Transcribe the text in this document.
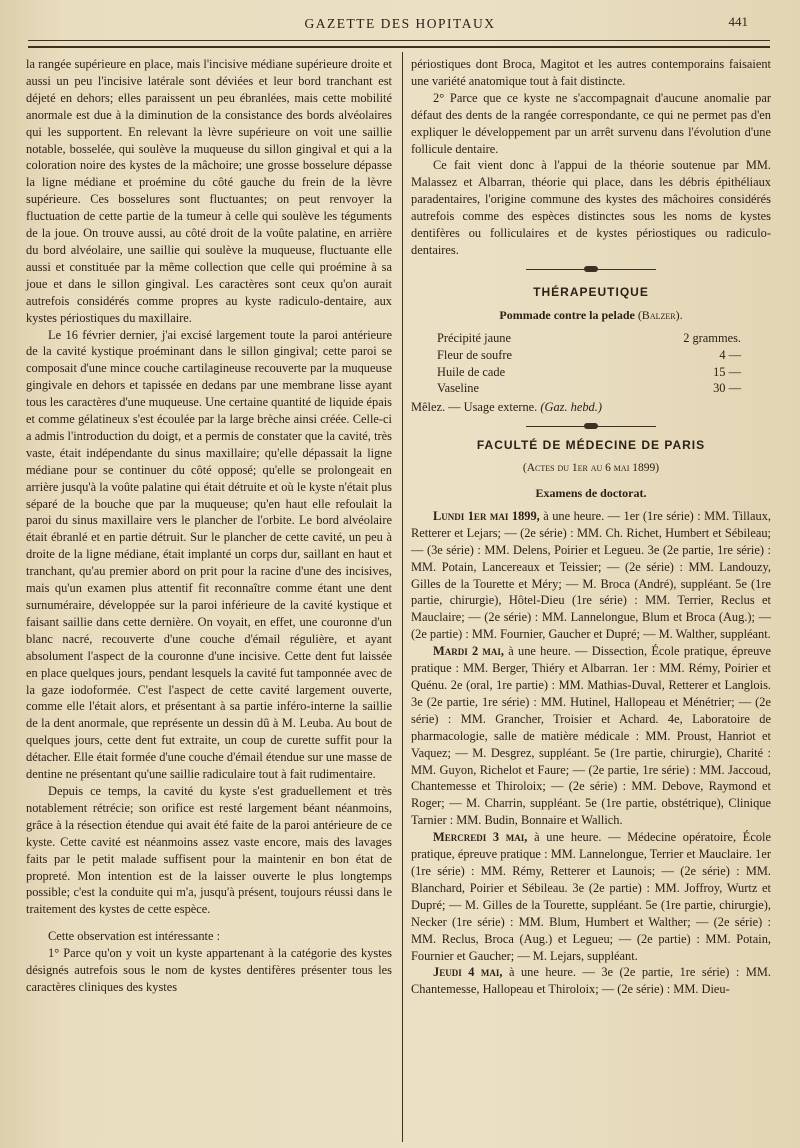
GAZETTE DES HOPITAUX	441

la rangée supérieure en place, mais l'incisive médiane supérieure droite et aussi un peu l'incisive latérale sont déviées et leur bord tranchant est déjeté en dehors; elles paraissent un peu ébranlées, mais cette mobilité anormale est due à la diminution de la consistance des bords alvéolaires qui les supportent. En relevant la lèvre supérieure on voit une saillie notable, bosselée, qui soulève la muqueuse du sillon gingival et qui a la coloration noire des kystes de la mâchoire; une grosse bosselure dépasse la ligne médiane et proémine du côté gauche du frein de la lèvre supérieure. Ces bosselures sont fluctuantes; on peut renvoyer la fluctuation de cette partie de la tumeur à celle qui soulève les téguments de la joue. On trouve aussi, au côté droit de la voûte palatine, en arrière du bord alvéolaire, une saillie qui soulève la muqueuse, fluctuante elle aussi et constituée par la même collection que celle qui proémine à sa joue et dans le sillon gingival. Les caractères sont ceux qu'on aurait autrefois considérés comme propres au kyste radiculo-dentaire, aux kystes périostiques du maxillaire.

Le 16 février dernier, j'ai excisé largement toute la paroi antérieure de la cavité kystique proéminant dans le sillon gingival; cette paroi se composait d'une mince couche cartilagineuse recouverte par la muqueuse gingivale en dehors et tapissée en dedans par une membrane lisse ayant tous les caractères d'une muqueuse. Une certaine quantité de liquide épais et comme gélatineux s'est écoulée par la large brèche ainsi créée. Celle-ci a admis l'introduction du doigt, et a permis de constater que la cavité, très vaste, était indépendante du sinus maxillaire; qu'elle dépassait la ligne médiane pour se continuer du côté opposé; qu'elle se prolongeait en arrière jusqu'à la voûte palatine qui était détruite et où le kyste n'était plus séparé de la bouche que par la muqueuse; qu'en haut elle refoulait la paroi du sinus maxillaire vers le plancher de l'orbite. Le bord alvéolaire était ébranlé et en partie détruit. Sur le plancher de cette cavité, un peu à droite de la ligne médiane, était implanté un corps dur, saillant en haut et tranchant, qu'au premier abord on prit pour la racine d'une des incisives, mais qu'un examen plus attentif fit reconnaître comme étant une dent surnuméraire, développée sur la paroi inférieure de la cavité kystique et faisant saillie dans cette dernière. On voyait, en effet, une couronne d'un blanc nacré, recouverte d'une couche d'émail régulière, et ayant absolument l'aspect de la couronne d'une incisive. Cette dent fut laissée en place quelques jours, pendant lesquels la cavité fut tamponnée avec de la gaze iodoformée. C'est l'aspect de cette cavité largement ouverte, comme elle l'était alors, et présentant à sa partie inféro-interne la saillie de la dent anormale, que représente un dessin dû à M. Leuba. Au bout de quelques jours, cette dent fut extraite, un coup de curette suffit pour la détacher. Elle était formée d'une couche d'émail étendue sur une masse de dentine ne présentant qu'une saillie radiculaire tout à fait rudimentaire.

Depuis ce temps, la cavité du kyste s'est graduellement et très notablement rétrécie; son orifice est resté largement béant néanmoins, grâce à la résection étendue qui avait été faite de la paroi antérieure de ce kyste. Cette cavité est néanmoins assez vaste encore, mais des lavages faits par le petit malade suffisent pour la maintenir en bon état de propreté. Mon intention est de la laisser ouverte le plus longtemps possible; c'est la conduite qui m'a, jusqu'à présent, toujours réussi dans le traitement des kystes de cette espèce.

Cette observation est intéressante :

1° Parce qu'on y voit un kyste appartenant à la catégorie des kystes désignés autrefois sous le nom de kystes dentifères présenter tous les caractères cliniques des kystes

périostiques dont Broca, Magitot et les autres contemporains faisaient une variété anatomique tout à fait distincte.

2° Parce que ce kyste ne s'accompagnait d'aucune anomalie par défaut des dents de la rangée correspondante, ce qui ne permet pas d'en expliquer le développement par un arrêt survenu dans l'évolution d'une follicule dentaire.

Ce fait vient donc à l'appui de la théorie soutenue par MM. Malassez et Albarran, théorie qui place, dans les débris épithéliaux paradentaires, l'origine commune des kystes des mâchoires considérés autrefois comme des espèces distinctes sous les noms de kystes dentifères ou folliculaires et de kystes périostiques ou radiculo-dentaires.

THÉRAPEUTIQUE
Pommade contre la pelade (Balzer).
Précipité jaune	2 grammes.
Fleur de soufre	4 —
Huile de cade	15 —
Vaseline	30 —

Mêlez. — Usage externe. (Gaz. hebd.)

FACULTÉ DE MÉDECINE DE PARIS
(Actes du 1er au 6 mai 1899)
Examens de doctorat.

Lundi 1er mai 1899, à une heure. — 1er (1re série) : MM. Tillaux, Retterer et Lejars; — (2e série) : MM. Ch. Richet, Humbert et Sébileau; — (3e série) : MM. Delens, Poirier et Legueu. 3e (2e partie, 1re série) : MM. Potain, Lancereaux et Teissier; — (2e série) : MM. Landouzy, Gilles de la Tourette et Méry; — M. Broca (André), suppléant. 5e (1re partie, chirurgie), Hôtel-Dieu (1re série) : MM. Terrier, Reclus et Mauclaire; — (2e série) : MM. Lannelongue, Blum et Broca (Aug.); — (2e partie) : MM. Fournier, Gaucher et Dupré; — M. Walther, suppléant.

Mardi 2 mai, à une heure. — Dissection, École pratique, épreuve pratique : MM. Berger, Thiéry et Albarran. 1er : MM. Rémy, Poirier et Quénu. 2e (oral, 1re partie) : MM. Mathias-Duval, Retterer et Langlois. 3e (2e partie, 1re série) : MM. Hutinel, Hallopeau et Ménétrier; — (2e série) : MM. Grancher, Troisier et Achard. 4e, Laboratoire de pharmacologie, salle de matière médicale : MM. Proust, Hanriot et Vaquez; — M. Desgrez, suppléant. 5e (1re partie, chirurgie), Charité : MM. Guyon, Richelot et Faure; — (2e partie, 1re série) : MM. Jaccoud, Chantemesse et Thiroloix; — (2e série) : MM. Debove, Raymond et Roger; — M. Charrin, suppléant. 5e (1re partie, obstétrique), Clinique Tarnier : MM. Budin, Bonnaire et Wallich.

Mercredi 3 mai, à une heure. — Médecine opératoire, École pratique, épreuve pratique : MM. Lannelongue, Terrier et Mauclaire. 1er (1re série) : MM. Rémy, Retterer et Launois; — (2e série) : MM. Blanchard, Poirier et Sébileau. 3e (2e partie) : MM. Joffroy, Wurtz et Dupré; — M. Gilles de la Tourette, suppléant. 5e (1re partie, chirurgie), Necker (1re série) : MM. Blum, Humbert et Walther; — (2e série) : MM. Reclus, Broca (Aug.) et Legueu; — (2e partie) : MM. Potain, Fournier et Gaucher; — M. Lejars, suppléant.

Jeudi 4 mai, à une heure. — 3e (2e partie, 1re série) : MM. Chantemesse, Hallopeau et Thiroloix; — (2e série) : MM. Dieu-
